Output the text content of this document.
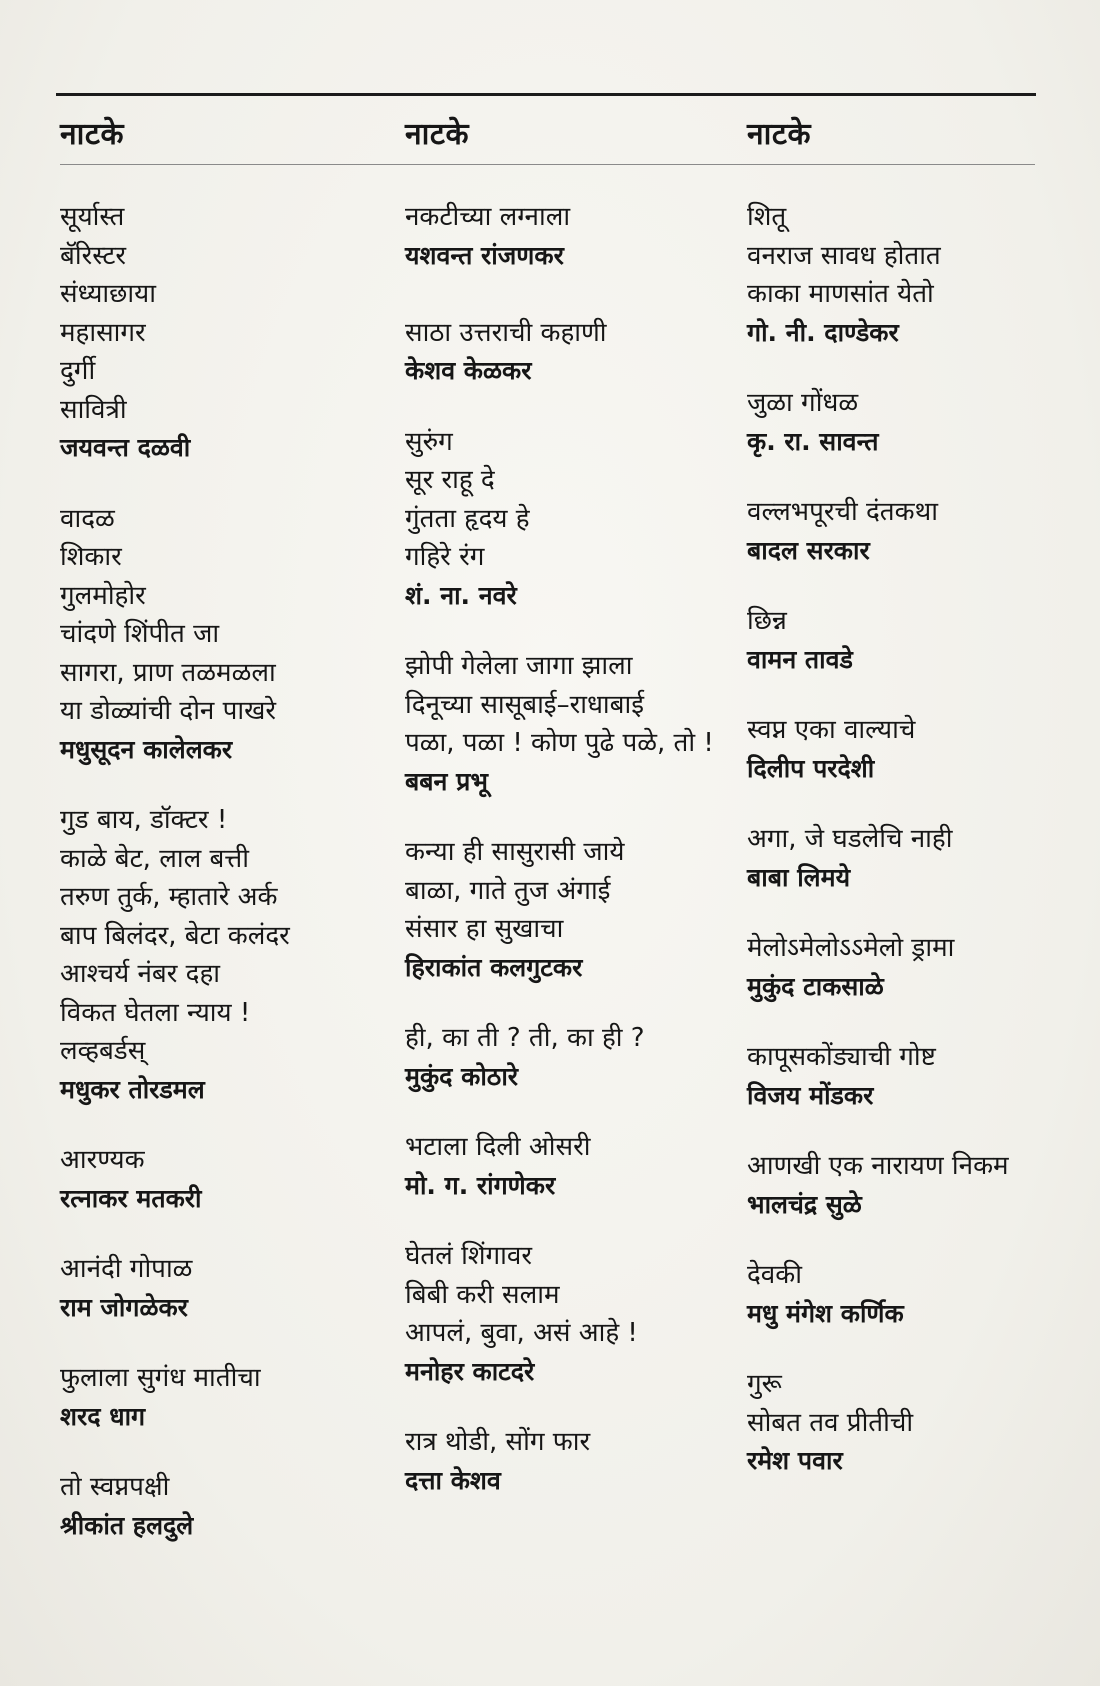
नाटके	नाटके	नाटके
सूर्यास्त
बॅरिस्टर
संध्याछाया
महासागर
दुर्गी
सावित्री
जयवन्त दळवी
वादळ
शिकार
गुलमोहोर
चांदणे शिंपीत जा
सागरा, प्राण तळमळला
या डोळ्यांची दोन पाखरे
मधुसूदन कालेलकर
गुड बाय, डॉक्टर !
काळे बेट, लाल बत्ती
तरुण तुर्क, म्हातारे अर्क
बाप बिलंदर, बेटा कलंदर
आश्चर्य नंबर दहा
विकत घेतला न्याय !
लव्हबर्डस्
मधुकर तोरडमल
आरण्यक
रत्नाकर मतकरी
आनंदी गोपाळ
राम जोगळेकर
फुलाला सुगंध मातीचा
शरद धाग
तो स्वप्नपक्षी
श्रीकांत हलदुले
नकटीच्या लग्नाला
यशवन्त रांजणकर

साठा उत्तराची कहाणी
केशव केळकर
सुरुंग
सूर राहू दे
गुंतता हृदय हे
गहिरे रंग
शं. ना. नवरे
झोपी गेलेला जागा झाला
दिनूच्या सासूबाई–राधाबाई
पळा, पळा ! कोण पुढे पळे, तो !
बबन प्रभू
कन्या ही सासुरासी जाये
बाळा, गाते तुज अंगाई
संसार हा सुखाचा
हिराकांत कलगुटकर
ही, का ती ? ती, का ही ?
मुकुंद कोठारे
भटाला दिली ओसरी
मो. ग. रांगणेकर
घेतलं शिंगावर
बिबी करी सलाम
आपलं, बुवा, असं आहे !
मनोहर काटदरे
रात्र थोडी, सोंग फार
दत्ता केशव
शितू
वनराज सावध होतात
काका माणसांत येतो
गो. नी. दाण्डेकर
जुळा गोंधळ
कृ. रा. सावन्त
वल्लभपूरची दंतकथा
बादल सरकार
छिन्न
वामन तावडे
स्वप्न एका वाल्याचे
दिलीप परदेशी
अगा, जे घडलेचि नाही
बाबा लिमये
मेलोऽमेलोऽऽमेलो ड्रामा
मुकुंद टाकसाळे
कापूसकोंड्याची गोष्ट
विजय मोंडकर
आणखी एक नारायण निकम
भालचंद्र सुळे
देवकी
मधु मंगेश कर्णिक
गुरू
सोबत तव प्रीतीची
रमेश पवार
